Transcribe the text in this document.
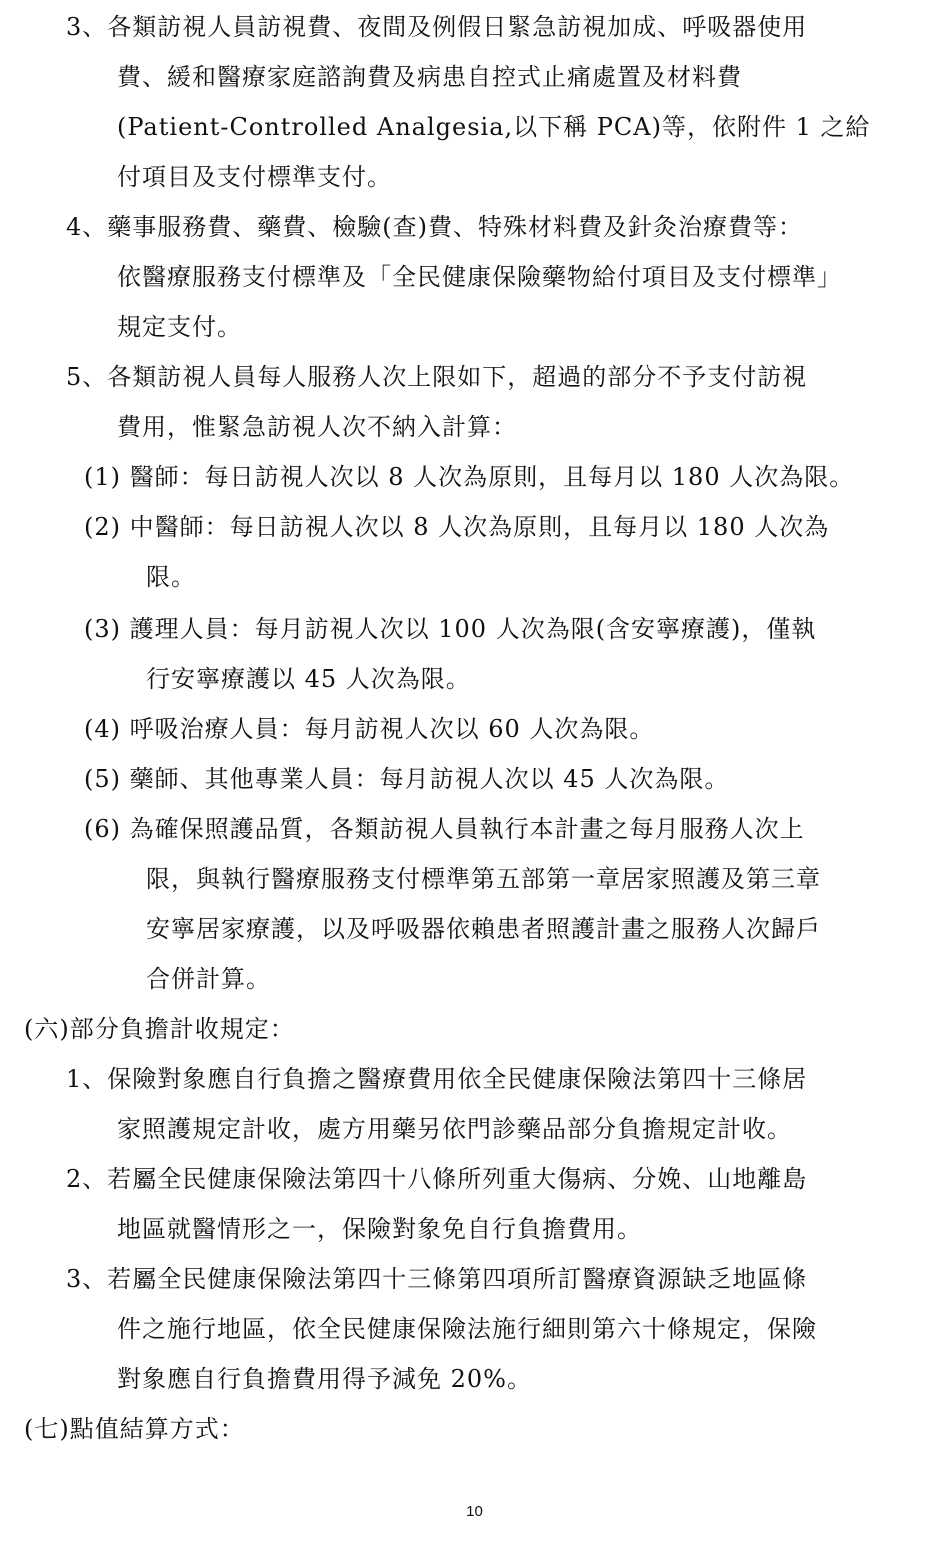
3、各類訪視人員訪視費、夜間及例假日緊急訪視加成、呼吸器使用
費、緩和醫療家庭諮詢費及病患自控式止痛處置及材料費
(Patient-Controlled Analgesia,以下稱 PCA)等，依附件 1 之給
付項目及支付標準支付。
4、藥事服務費、藥費、檢驗(查)費、特殊材料費及針灸治療費等：
依醫療服務支付標準及「全民健康保險藥物給付項目及支付標準」
規定支付。
5、各類訪視人員每人服務人次上限如下，超過的部分不予支付訪視
費用，惟緊急訪視人次不納入計算：
(1) 醫師：每日訪視人次以 8 人次為原則，且每月以 180 人次為限。
(2) 中醫師：每日訪視人次以 8 人次為原則，且每月以 180 人次為
限。
(3) 護理人員：每月訪視人次以 100 人次為限(含安寧療護)，僅執
行安寧療護以 45 人次為限。
(4) 呼吸治療人員：每月訪視人次以 60 人次為限。
(5) 藥師、其他專業人員：每月訪視人次以 45 人次為限。
(6) 為確保照護品質，各類訪視人員執行本計畫之每月服務人次上
限，與執行醫療服務支付標準第五部第一章居家照護及第三章
安寧居家療護，以及呼吸器依賴患者照護計畫之服務人次歸戶
合併計算。
(六)部分負擔計收規定：
1、保險對象應自行負擔之醫療費用依全民健康保險法第四十三條居
家照護規定計收，處方用藥另依門診藥品部分負擔規定計收。
2、若屬全民健康保險法第四十八條所列重大傷病、分娩、山地離島
地區就醫情形之一，保險對象免自行負擔費用。
3、若屬全民健康保險法第四十三條第四項所訂醫療資源缺乏地區條
件之施行地區，依全民健康保險法施行細則第六十條規定，保險
對象應自行負擔費用得予減免 20%。
(七)點值結算方式：
10
